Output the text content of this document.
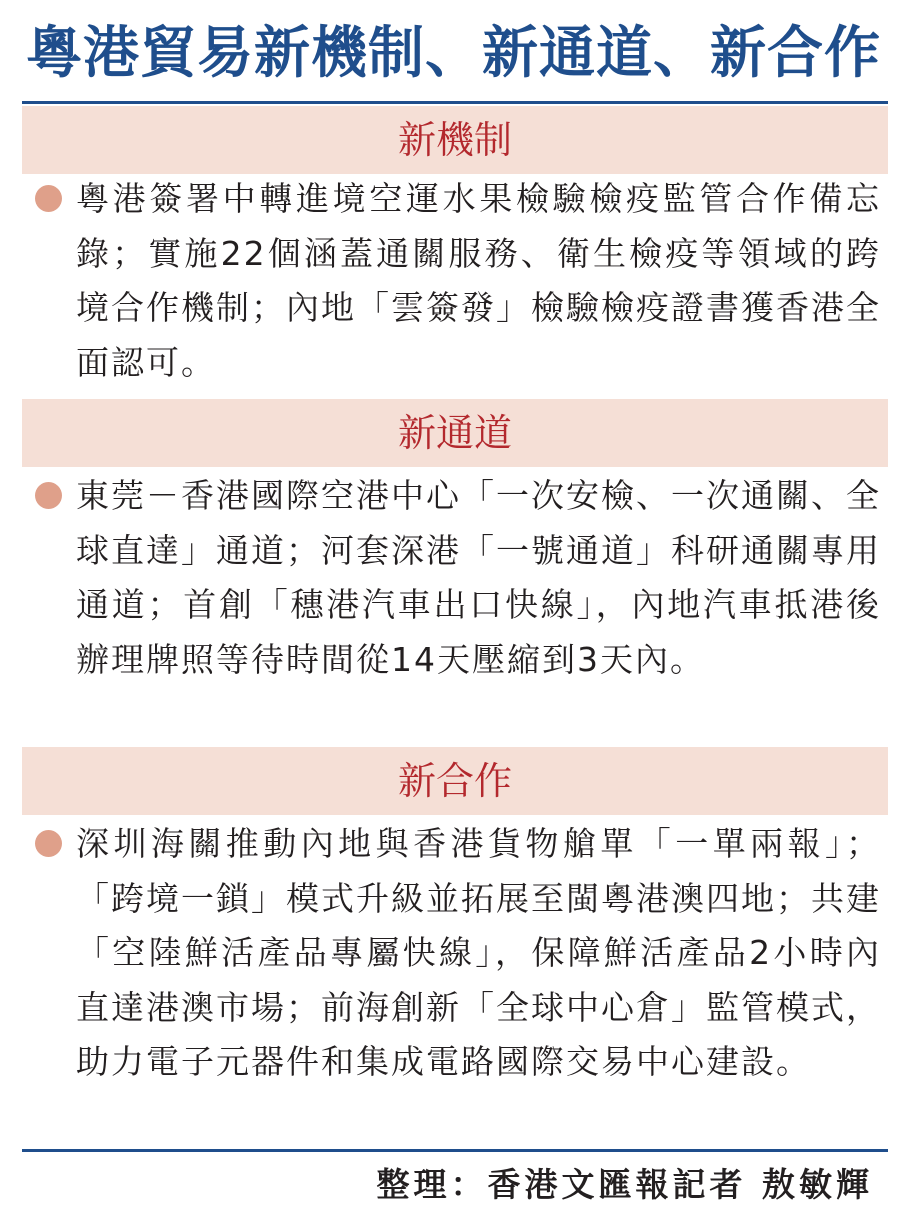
粵港貿易新機制、新通道、新合作
新機制
粵港簽署中轉進境空運水果檢驗檢疫監管合作備忘錄；實施22個涵蓋通關服務、衛生檢疫等領域的跨境合作機制；內地「雲簽發」檢驗檢疫證書獲香港全面認可。
新通道
東莞－香港國際空港中心「一次安檢、一次通關、全球直達」通道；河套深港「一號通道」科研通關專用通道；首創「穗港汽車出口快線」，內地汽車抵港後辦理牌照等待時間從14天壓縮到3天內。
新合作
深圳海關推動內地與香港貨物艙單「一單兩報」；「跨境一鎖」模式升級並拓展至閩粵港澳四地；共建「空陸鮮活產品專屬快線」，保障鮮活產品2小時內直達港澳市場；前海創新「全球中心倉」監管模式，助力電子元器件和集成電路國際交易中心建設。
整理：香港文匯報記者 敖敏輝
